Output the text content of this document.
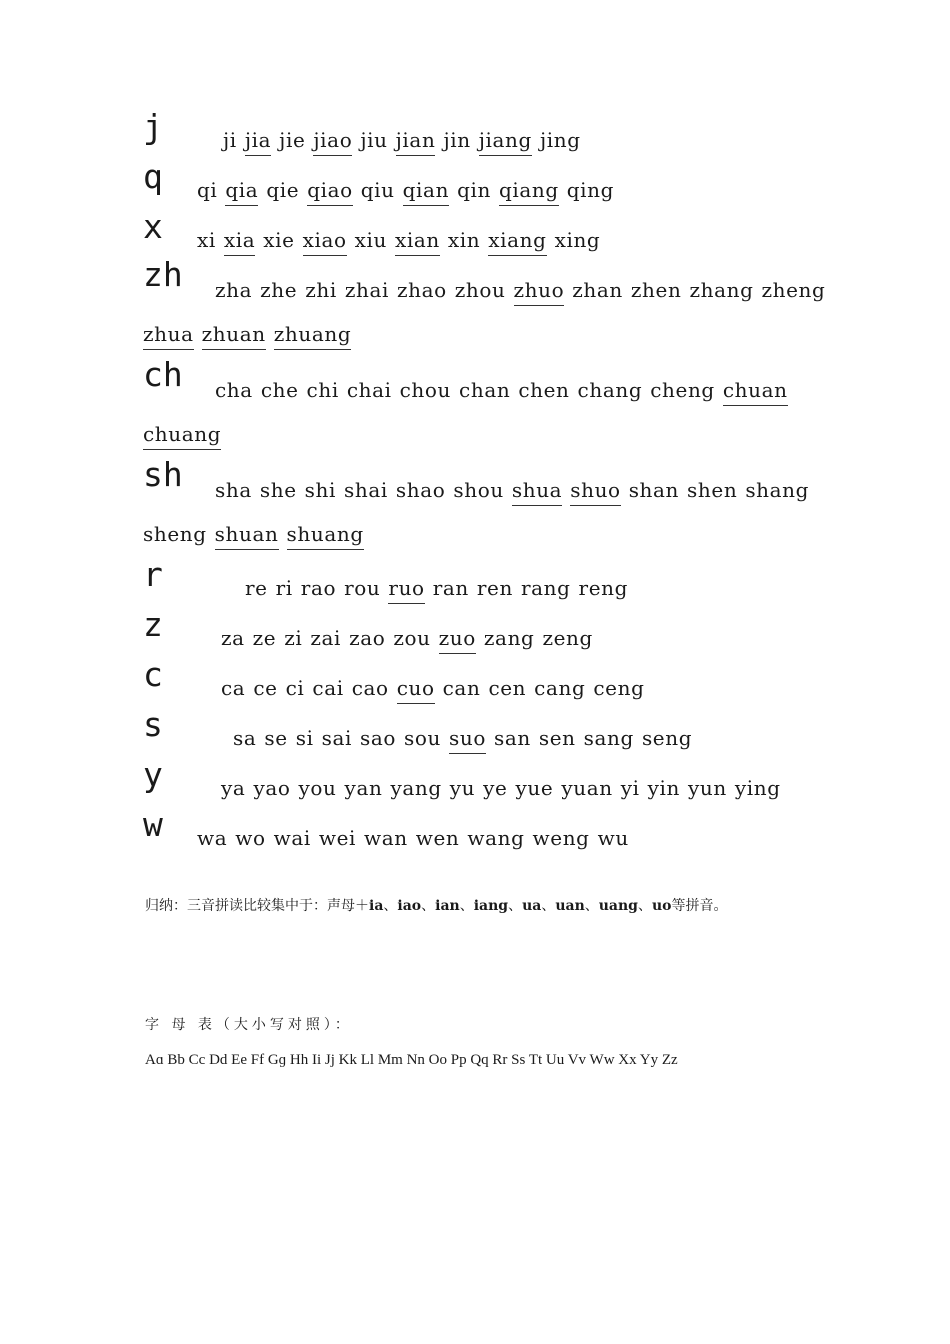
j	ji jia jie jiao jiu jian jin jiang jing
q qi qia qie qiao qiu qian qin qiang qing
x xi xia xie xiao xiu xian xin xiang xing
zh zha zhe zhi zhai zhao zhou zhuo zhan zhen zhang zheng
zhua zhuan zhuang
ch cha che chi chai chou chan chen chang cheng chuan
chuang
sh sha she shi shai shao shou shua shuo shan shen shang
sheng shuan shuang
r	re ri rao rou ruo ran ren rang reng
z	za ze zi zai zao zou zuo zang zeng
c	ca ce ci cai cao cuo can cen cang ceng
s	sa se si sai sao sou suo san sen sang seng
y	ya yao you yan yang yu ye yue yuan yi yin yun ying
w wa wo wai wei wan wen wang weng wu
归纳：三音拼读比较集中于：声母＋ia、iao、ian、iang、ua、uan、uang、uo等拼音。
字 母 表（大小写对照）：
Aɑ Bb Cc Dd Ee Ff Gɡ Hh Ii Jj Kk Ll Mm Nn Oo Pp Qq Rr Ss Tt Uu Vv Ww Xx Yy Zz
